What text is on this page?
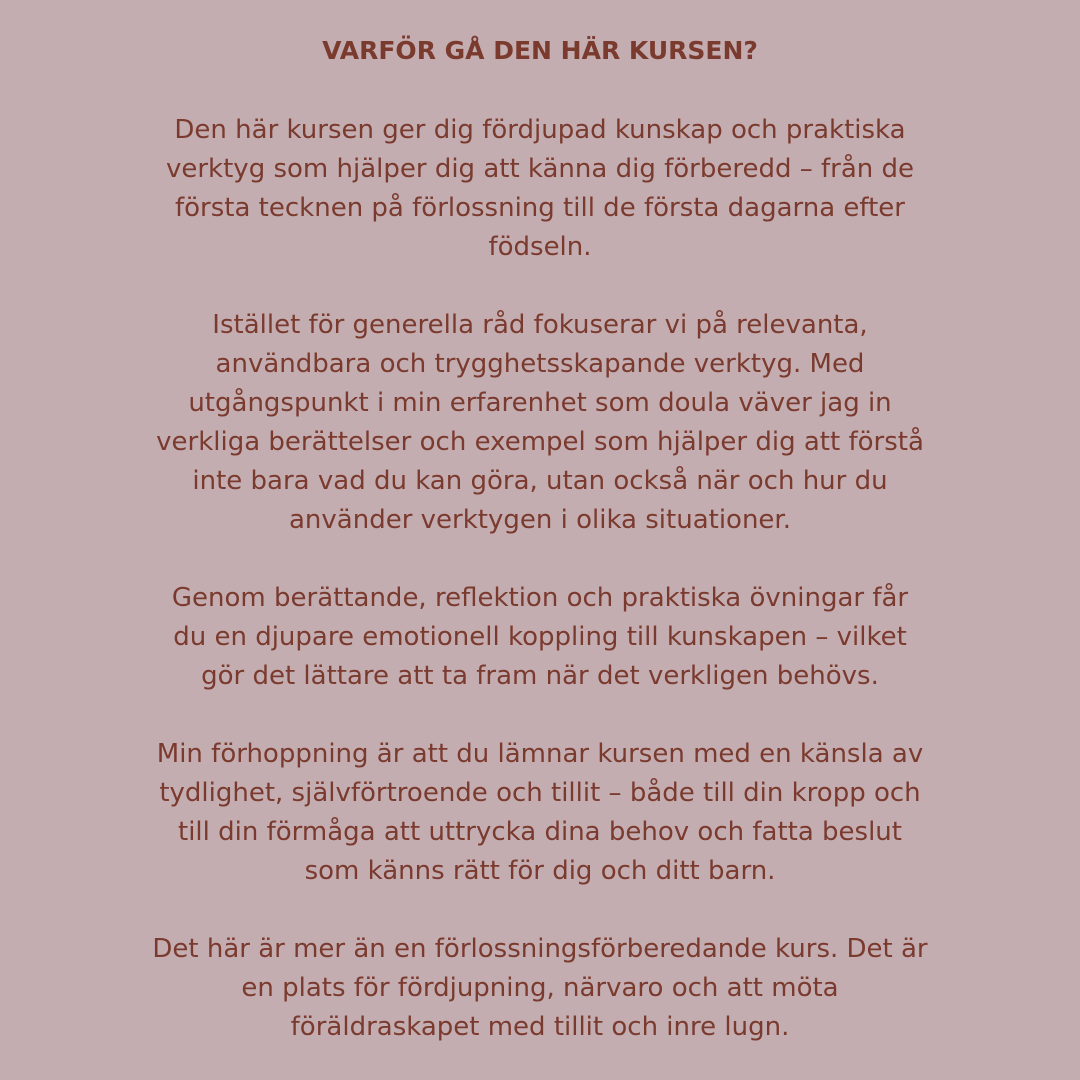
VARFÖR GÅ DEN HÄR KURSEN?

Den här kursen ger dig fördjupad kunskap och praktiska
verktyg som hjälper dig att känna dig förberedd – från de
första tecknen på förlossning till de första dagarna efter
födseln.

Istället för generella råd fokuserar vi på relevanta,
användbara och trygghetsskapande verktyg. Med
utgångspunkt i min erfarenhet som doula väver jag in
verkliga berättelser och exempel som hjälper dig att förstå
inte bara vad du kan göra, utan också när och hur du
använder verktygen i olika situationer.

Genom berättande, reflektion och praktiska övningar får
du en djupare emotionell koppling till kunskapen – vilket
gör det lättare att ta fram när det verkligen behövs.

Min förhoppning är att du lämnar kursen med en känsla av
tydlighet, självförtroende och tillit – både till din kropp och
till din förmåga att uttrycka dina behov och fatta beslut
som känns rätt för dig och ditt barn.

Det här är mer än en förlossningsförberedande kurs. Det är
en plats för fördjupning, närvaro och att möta
föräldraskapet med tillit och inre lugn.
